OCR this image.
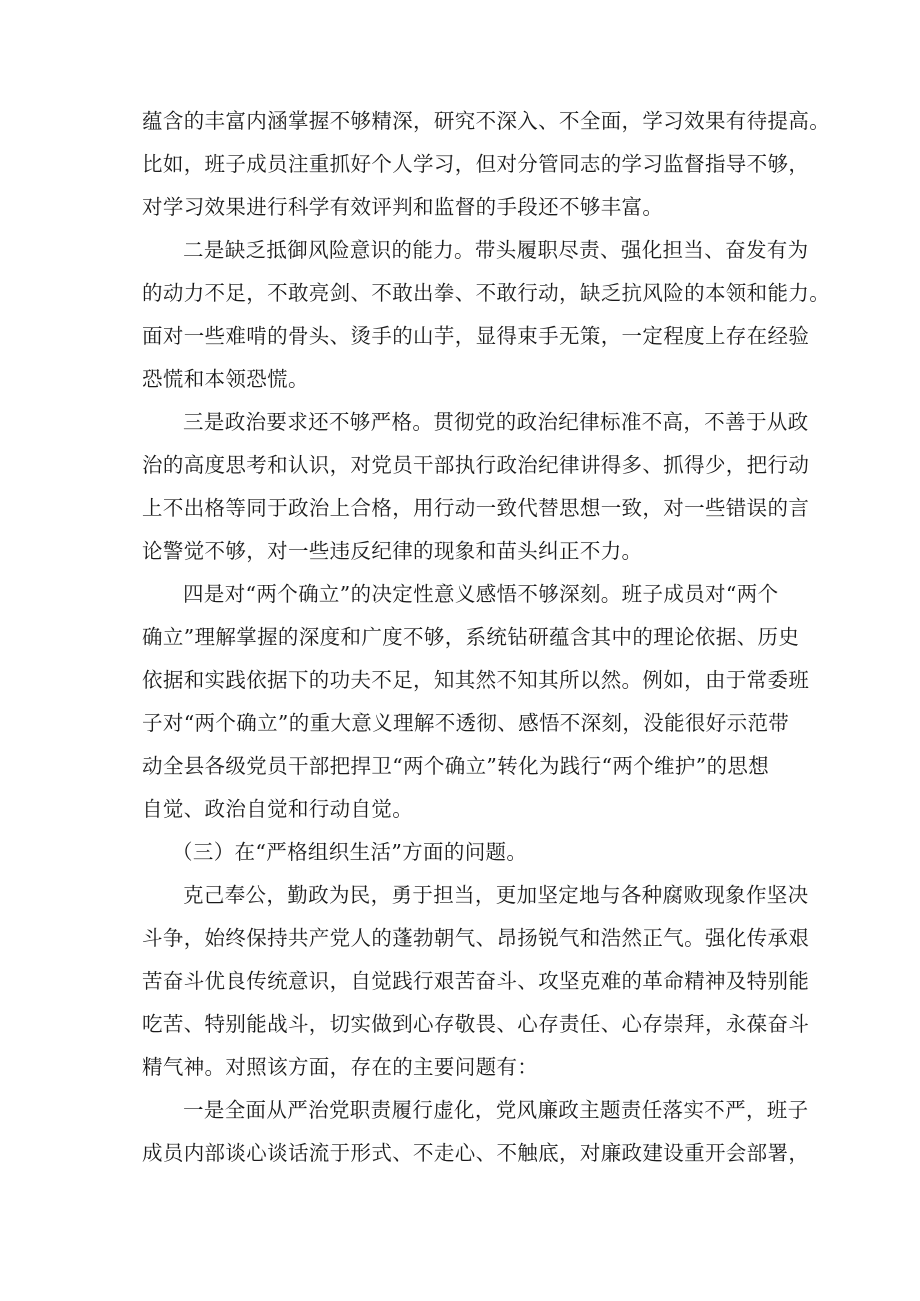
蕴含的丰富内涵掌握不够精深，研究不深入、不全面，学习效果有待提高。
比如，班子成员注重抓好个人学习，但对分管同志的学习监督指导不够，
对学习效果进行科学有效评判和监督的手段还不够丰富。
二是缺乏抵御风险意识的能力。带头履职尽责、强化担当、奋发有为
的动力不足，不敢亮剑、不敢出拳、不敢行动，缺乏抗风险的本领和能力。
面对一些难啃的骨头、烫手的山芋，显得束手无策，一定程度上存在经验
恐慌和本领恐慌。
三是政治要求还不够严格。贯彻党的政治纪律标准不高，不善于从政
治的高度思考和认识，对党员干部执行政治纪律讲得多、抓得少，把行动
上不出格等同于政治上合格，用行动一致代替思想一致，对一些错误的言
论警觉不够，对一些违反纪律的现象和苗头纠正不力。
四是对“两个确立”的决定性意义感悟不够深刻。班子成员对“两个
确立”理解掌握的深度和广度不够，系统钻研蕴含其中的理论依据、历史
依据和实践依据下的功夫不足，知其然不知其所以然。例如，由于常委班
子对“两个确立”的重大意义理解不透彻、感悟不深刻，没能很好示范带
动全县各级党员干部把捍卫“两个确立”转化为践行“两个维护”的思想
自觉、政治自觉和行动自觉。
（三）在“严格组织生活”方面的问题。
克己奉公，勤政为民，勇于担当，更加坚定地与各种腐败现象作坚决
斗争，始终保持共产党人的蓬勃朝气、昂扬锐气和浩然正气。强化传承艰
苦奋斗优良传统意识，自觉践行艰苦奋斗、攻坚克难的革命精神及特别能
吃苦、特别能战斗，切实做到心存敬畏、心存责任、心存崇拜，永葆奋斗
精气神。对照该方面，存在的主要问题有：
一是全面从严治党职责履行虚化，党风廉政主题责任落实不严，班子
成员内部谈心谈话流于形式、不走心、不触底，对廉政建设重开会部署，
